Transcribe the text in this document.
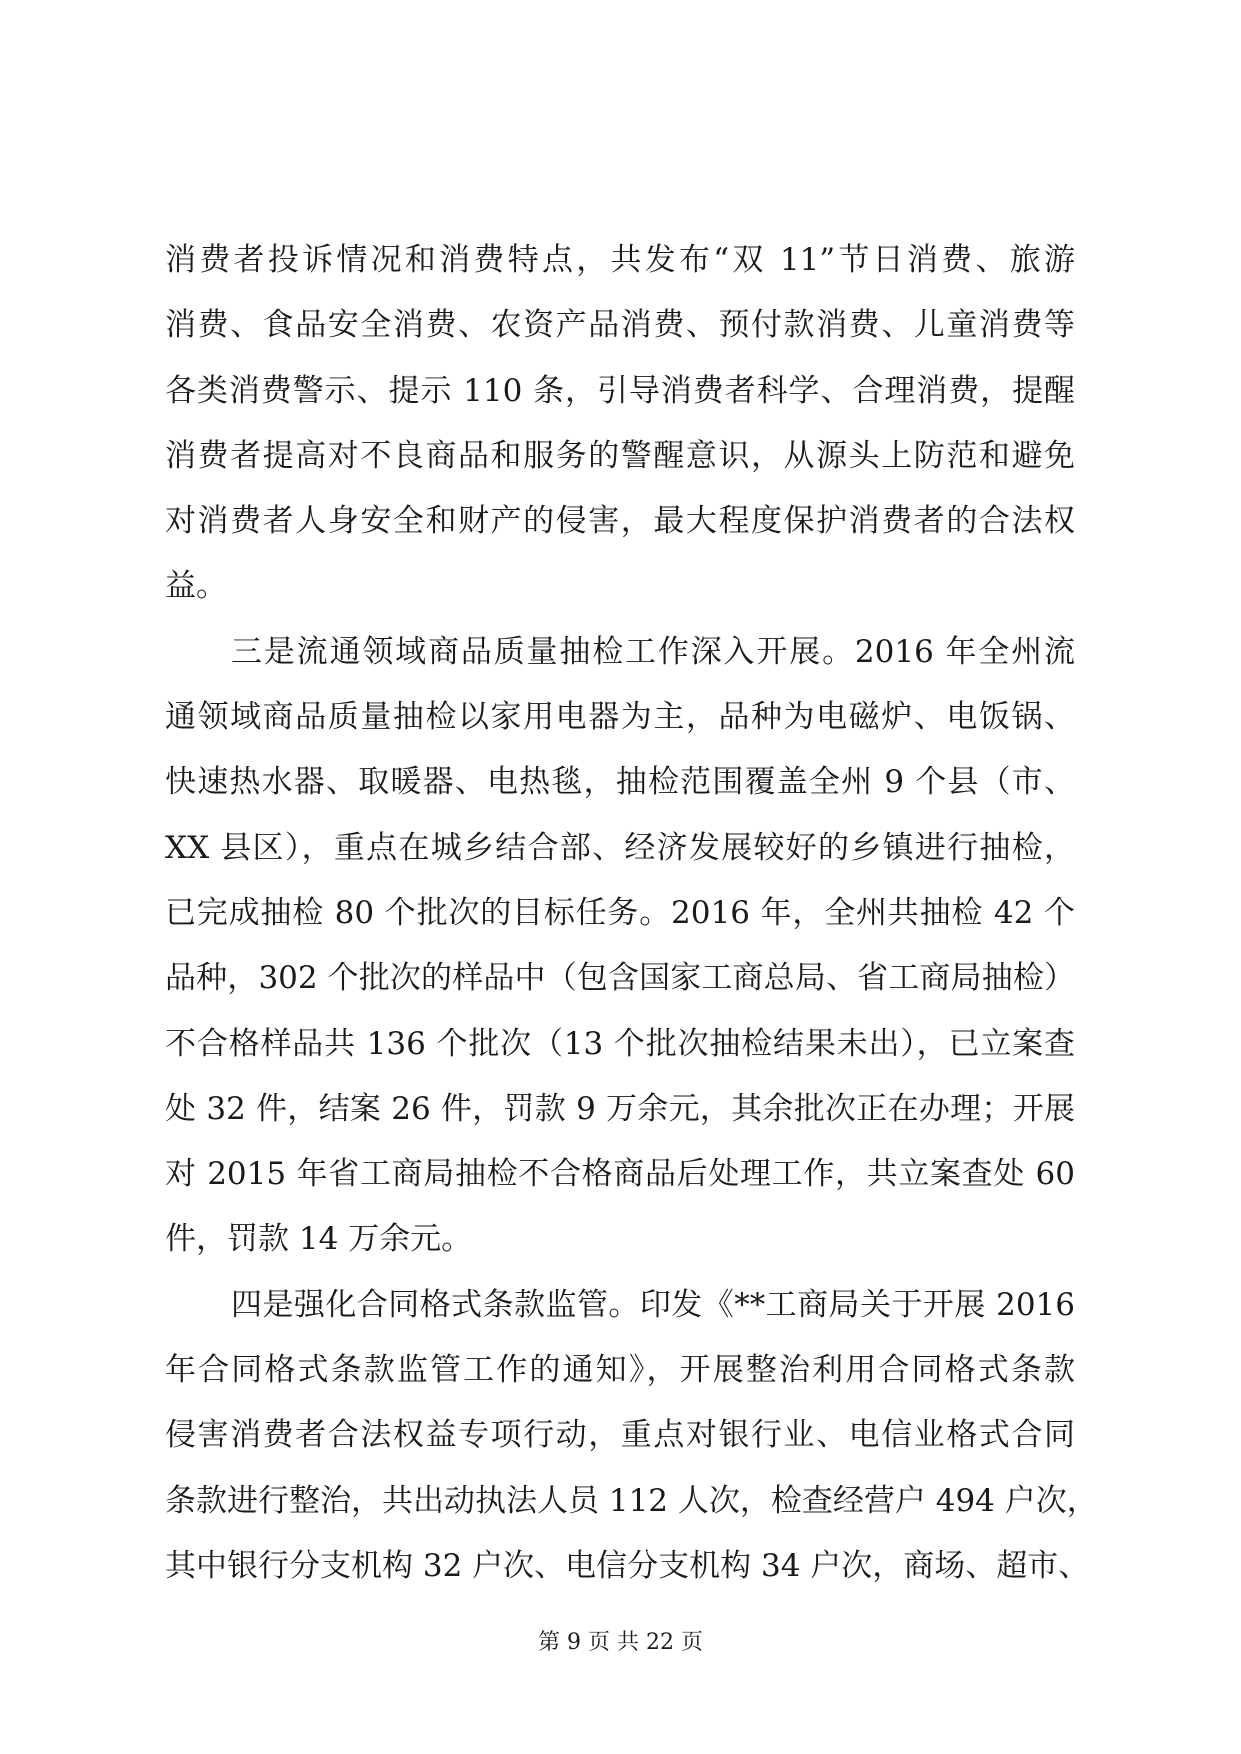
消费者投诉情况和消费特点，共发布“双 11”节日消费、旅游
消费、食品安全消费、农资产品消费、预付款消费、儿童消费等
各类消费警示、提示 110 条，引导消费者科学、合理消费，提醒
消费者提高对不良商品和服务的警醒意识，从源头上防范和避免
对消费者人身安全和财产的侵害，最大程度保护消费者的合法权
益。
三是流通领域商品质量抽检工作深入开展。2016 年全州流
通领域商品质量抽检以家用电器为主，品种为电磁炉、电饭锅、
快速热水器、取暖器、电热毯，抽检范围覆盖全州 9 个县（市、
XX 县区），重点在城乡结合部、经济发展较好的乡镇进行抽检，
已完成抽检 80 个批次的目标任务。2016 年，全州共抽检 42 个
品种，302 个批次的样品中（包含国家工商总局、省工商局抽检）
不合格样品共 136 个批次（13 个批次抽检结果未出），已立案查
处 32 件，结案 26 件，罚款 9 万余元，其余批次正在办理；开展
对 2015 年省工商局抽检不合格商品后处理工作，共立案查处 60
件，罚款 14 万余元。
四是强化合同格式条款监管。印发《**工商局关于开展 2016
年合同格式条款监管工作的通知》，开展整治利用合同格式条款
侵害消费者合法权益专项行动，重点对银行业、电信业格式合同
条款进行整治，共出动执法人员 112 人次，检查经营户 494 户次，
其中银行分支机构 32 户次、电信分支机构 34 户次，商场、超市、
第 9 页 共 22 页
